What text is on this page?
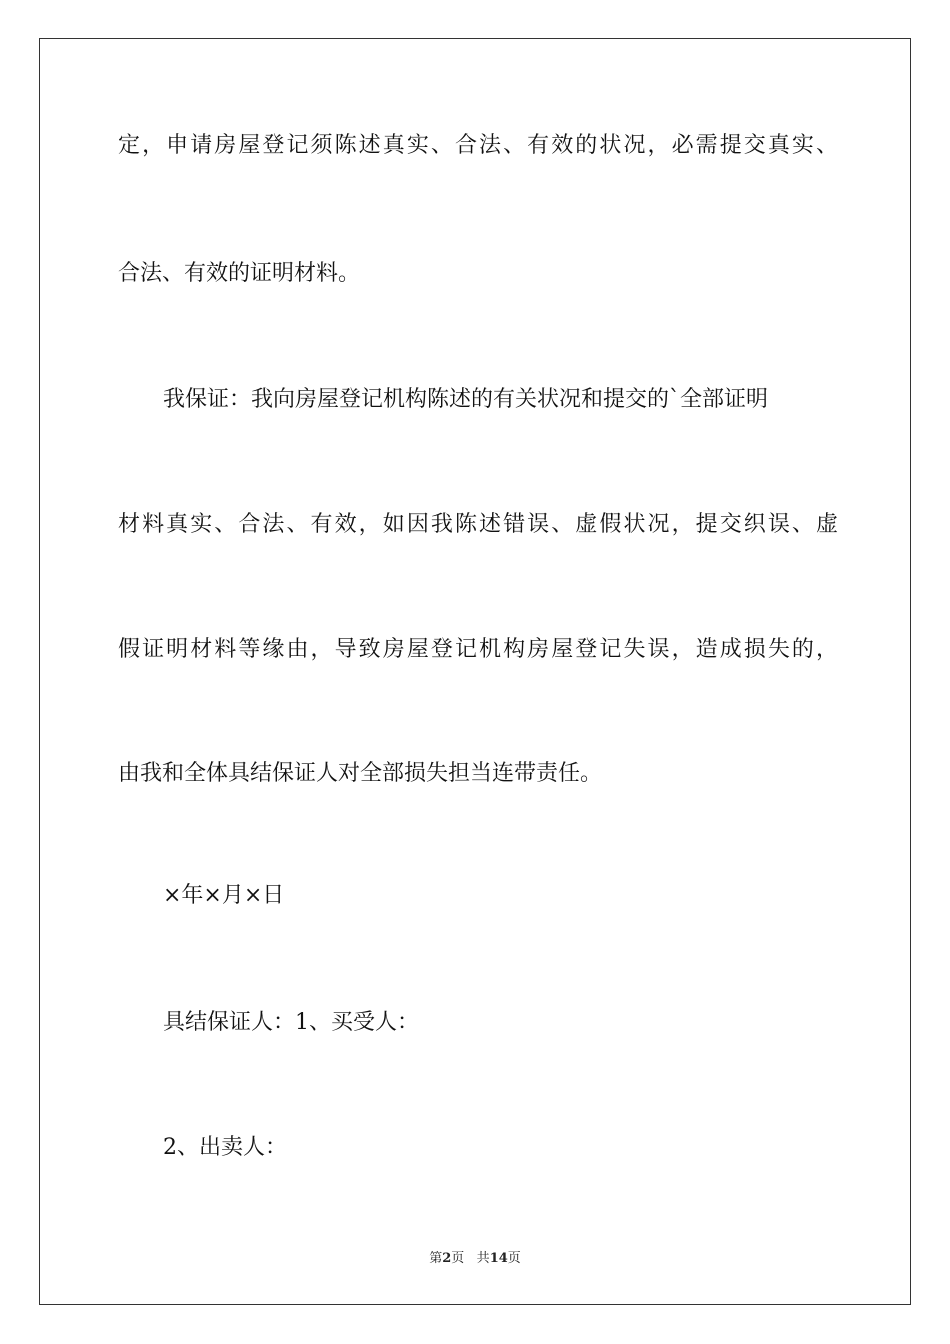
定，申请房屋登记须陈述真实、合法、有效的状况，必需提交真实、
合法、有效的证明材料。
我保证：我向房屋登记机构陈述的有关状况和提交的`全部证明
材料真实、合法、有效，如因我陈述错误、虚假状况，提交织误、虚
假证明材料等缘由，导致房屋登记机构房屋登记失误，造成损失的，
由我和全体具结保证人对全部损失担当连带责任。
×年×月×日
具结保证人：1、买受人：
2、出卖人：
第2页 共14页
